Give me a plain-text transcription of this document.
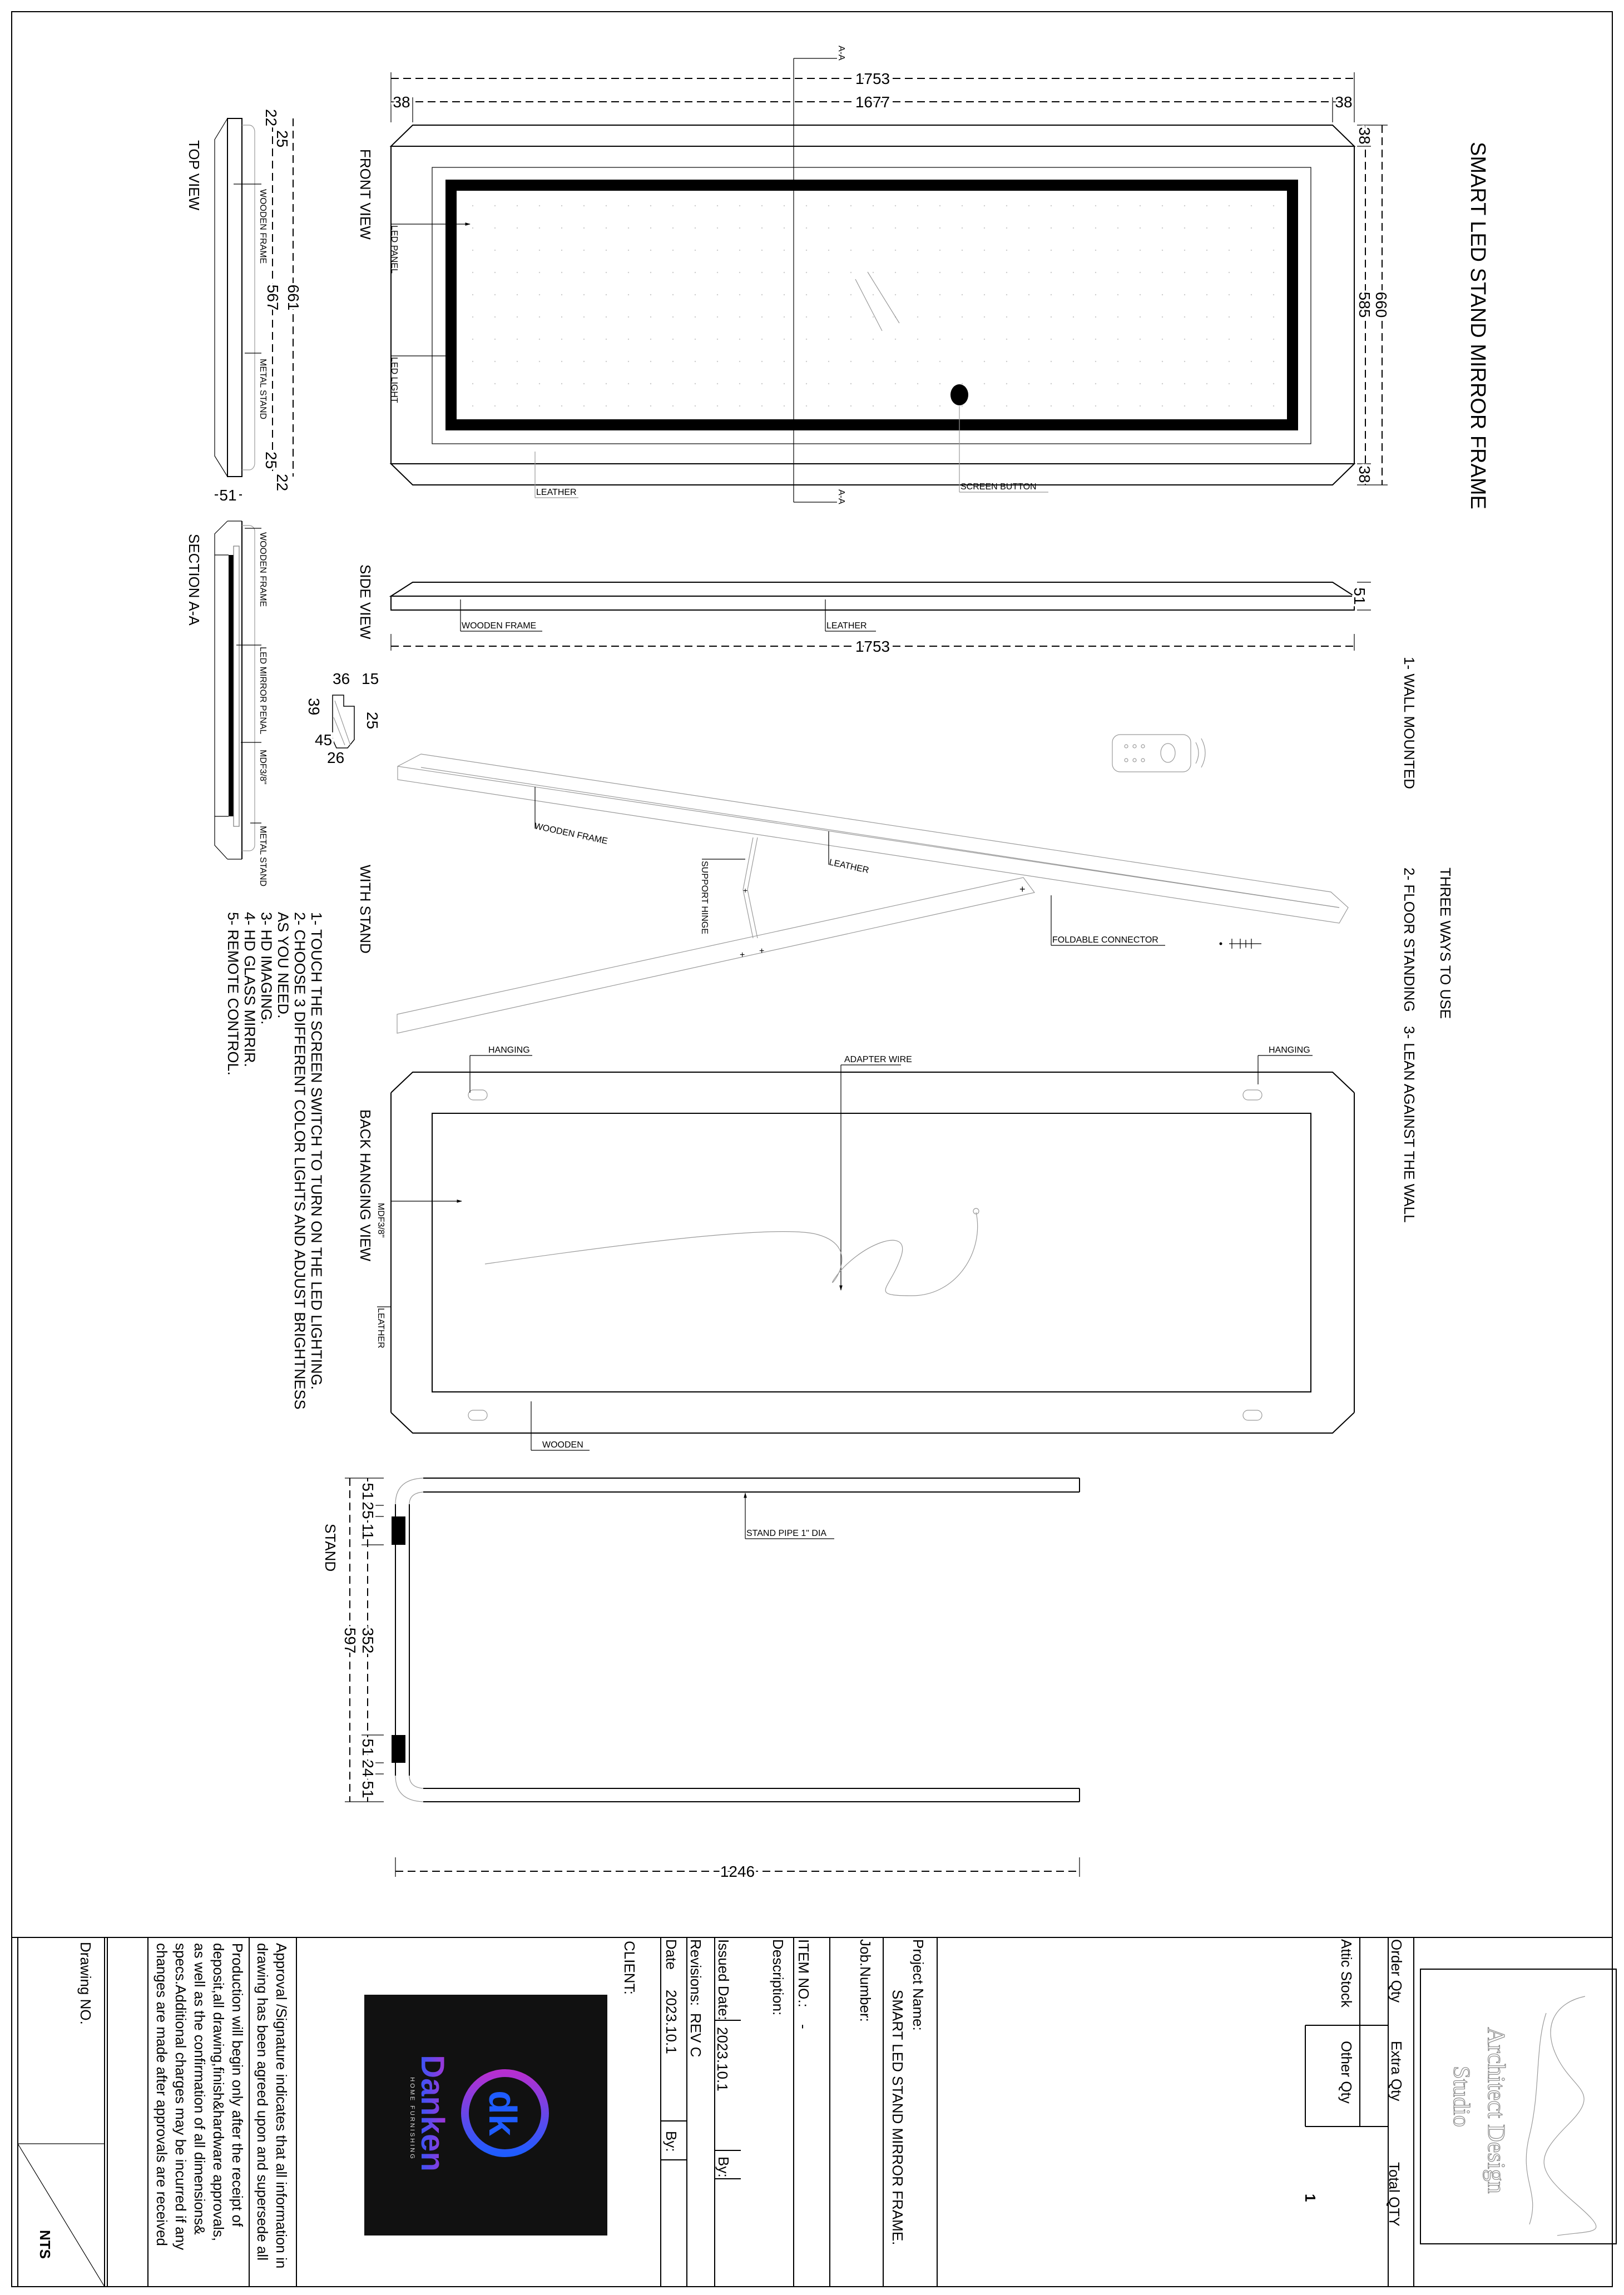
SMART LED STAND MIRROR FRAME
A-A
A-A
SCREEN BUTTON
LEATHER
LED PANEL
LED LIGHT
FRONT VIEW
1753
38	1677	38
660
585
38
38
567 661
22
25
25
22
WOODEN FRAME
METAL STAND
TOP VIEW
51
WOODEN FRAME
LED MIRROR PENAL
MDF3/8"
METAL STAND
SECTION A-A
36 15
39
45
26
25
WOODEN FRAME	LEATHER
1753
51
SIDE VIEW
+
+ +
+
WOODEN FRAME
LEATHER
SUPPORT HINGE
FOLDABLE CONNECTOR
WITH STAND	THREE WAYS TO USE
1- WALL MOUNTED
2- FLOOR STANDING
3- LEAN AGAINST THE WALL
1- TOUCH THE SCREEN SWITCH TO TURN ON THE LED LIGHTING.
2- CHOOSE 3 DIFFERENT COLOR LIGHTS AND ADJUST BRIGHTNESS
AS YOU NEED.
3- HD IMAGING.
4- HD GLASS MIRRIR.
5- REMOTE CONTROL.	HANGING	HANGING
ADAPTER WIRE
MDF3/8"
LEATHER
WOODEN
BACK HANGING VIEW
STAND PIPE 1" DIA
51
25
11
352
597
51
24
51
1246
STAND
Drawing NO.
NTS	Approval /Signature indicates that all information in
drawing has been agreed upon and supersede all
Production will begin only after the receipt of
deposit,all drawing,finish&hardware approvals,
as well as the confirmation of all dimensions&
specs.Additional charges may be incurred if any
changes are made after approvals are received	dk
Danken
HOME FURNISHING
CLIENT: Date
2023.10.1
By:
Revisions:
REV C
Issued Date:
2023.10.1
By:
Description: ITEM NO.:
-
Job.Number:	Project Name:
SMART LED STAND MIRROR FRAME.
Attic Stock
Other Qty
Order Qty
Extra Qty
Total QTY
1
Architect Design
Studio
